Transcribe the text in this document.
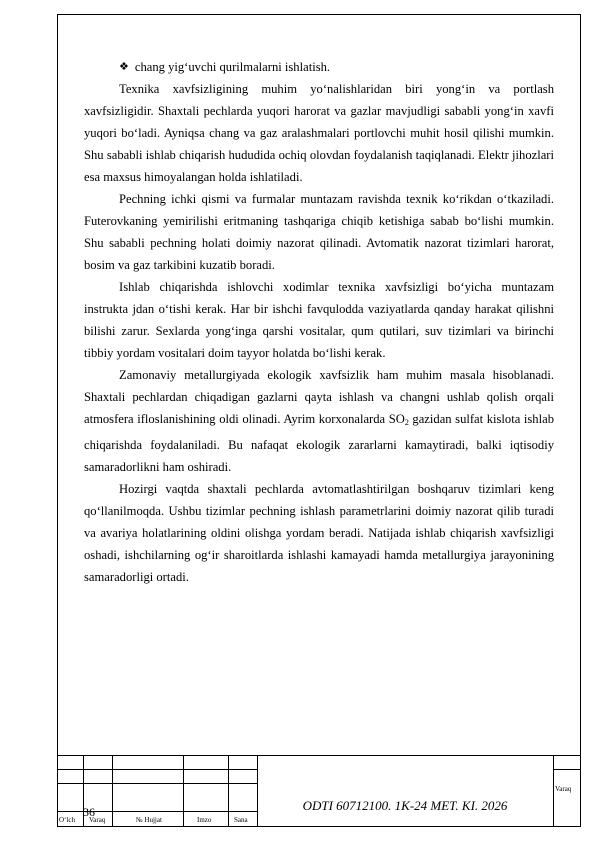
❖ chang yig‘uvchi qurilmalarni ishlatish.

Texnika xavfsizligining muhim yo‘nalishlaridan biri yong‘in va portlash xavfsizligidir. Shaxtali pechlarda yuqori harorat va gazlar mavjudligi sababli yong‘in xavfi yuqori bo‘ladi. Ayniqsa chang va gaz aralashmalari portlovchi muhit hosil qilishi mumkin. Shu sababli ishlab chiqarish hududida ochiq olovdan foydalanish taqiqlanadi. Elektr jihozlari esa maxsus himoyalangan holda ishlatiladi.

Pechning ichki qismi va furmalar muntazam ravishda texnik ko‘rikdan o‘tkaziladi. Futerovkaning yemirilishi eritmaning tashqariga chiqib ketishiga sabab bo‘lishi mumkin. Shu sababli pechning holati doimiy nazorat qilinadi. Avtomatik nazorat tizimlari harorat, bosim va gaz tarkibini kuzatib boradi.

Ishlab chiqarishda ishlovchi xodimlar texnika xavfsizligi bo‘yicha muntazam instrukta jdan o‘tishi kerak. Har bir ishchi favqulodda vaziyatlarda qanday harakat qilishni bilishi zarur. Sexlarda yong‘inga qarshi vositalar, qum qutilari, suv tizimlari va birinchi tibbiy yordam vositalari doim tayyor holatda bo‘lishi kerak.

Zamonaviy metallurgiyada ekologik xavfsizlik ham muhim masala hisoblanadi. Shaxtali pechlardan chiqadigan gazlarni qayta ishlash va changni ushlab qolish orqali atmosfera ifloslanishining oldi olinadi. Ayrim korxonalarda $SO_2$ gazidan sulfat kislota ishlab chiqarishda foydalaniladi. Bu nafaqat ekologik zararlarni kamaytiradi, balki iqtisodiy samaradorlikni ham oshiradi.

Hozirgi vaqtda shaxtali pechlarda avtomatlashtirilgan boshqaruv tizimlari keng qo‘llanilmoqda. Ushbu tizimlar pechning ishlash parametrlarini doimiy nazorat qilib turadi va avariya holatlarining oldini olishga yordam beradi. Natijada ishlab chiqarish xavfsizligi oshadi, ishchilarning og‘ir sharoitlarda ishlashi kamayadi hamda metallurgiya jarayonining samaradorligi ortadi.

36
O‘lch Varaq	№ Hujjat	Imzo	Sana
ODTI 60712100. 1K-24 MET. KI. 2026
Varaq
